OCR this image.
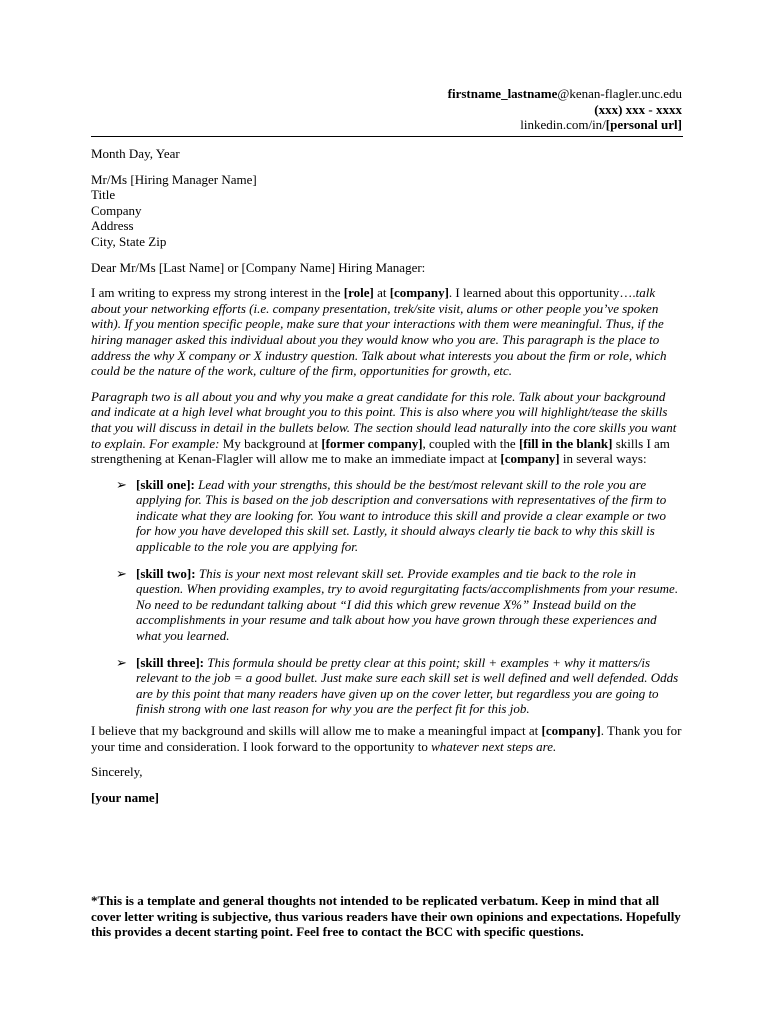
firstname_lastname@kenan-flagler.unc.edu
(xxx) xxx - xxxx
linkedin.com/in/[personal url]

Month Day, Year

Mr/Ms [Hiring Manager Name]
Title
Company
Address
City, State Zip

Dear Mr/Ms [Last Name] or [Company Name] Hiring Manager:

I am writing to express my strong interest in the [role] at [company]. I learned about this opportunity….talk about your networking efforts (i.e. company presentation, trek/site visit, alums or other people you’ve spoken with). If you mention specific people, make sure that your interactions with them were meaningful. Thus, if the hiring manager asked this individual about you they would know who you are. This paragraph is the place to address the why X company or X industry question. Talk about what interests you about the firm or role, which could be the nature of the work, culture of the firm, opportunities for growth, etc.

Paragraph two is all about you and why you make a great candidate for this role. Talk about your background and indicate at a high level what brought you to this point. This is also where you will highlight/tease the skills that you will discuss in detail in the bullets below. The section should lead naturally into the core skills you want to explain. For example: My background at [former company], coupled with the [fill in the blank] skills I am strengthening at Kenan-Flagler will allow me to make an immediate impact at [company] in several ways:

➢ [skill one]: Lead with your strengths, this should be the best/most relevant skill to the role you are applying for. This is based on the job description and conversations with representatives of the firm to indicate what they are looking for. You want to introduce this skill and provide a clear example or two for how you have developed this skill set. Lastly, it should always clearly tie back to why this skill is applicable to the role you are applying for.
➢ [skill two]: This is your next most relevant skill set. Provide examples and tie back to the role in question. When providing examples, try to avoid regurgitating facts/accomplishments from your resume. No need to be redundant talking about “I did this which grew revenue X%” Instead build on the accomplishments in your resume and talk about how you have grown through these experiences and what you learned.
➢ [skill three]: This formula should be pretty clear at this point; skill + examples + why it matters/is relevant to the job = a good bullet. Just make sure each skill set is well defined and well defended. Odds are by this point that many readers have given up on the cover letter, but regardless you are going to finish strong with one last reason for why you are the perfect fit for this job.

I believe that my background and skills will allow me to make a meaningful impact at [company]. Thank you for your time and consideration. I look forward to the opportunity to whatever next steps are.

Sincerely,

[your name]

*This is a template and general thoughts not intended to be replicated verbatum. Keep in mind that all cover letter writing is subjective, thus various readers have their own opinions and expectations. Hopefully this provides a decent starting point. Feel free to contact the BCC with specific questions.
